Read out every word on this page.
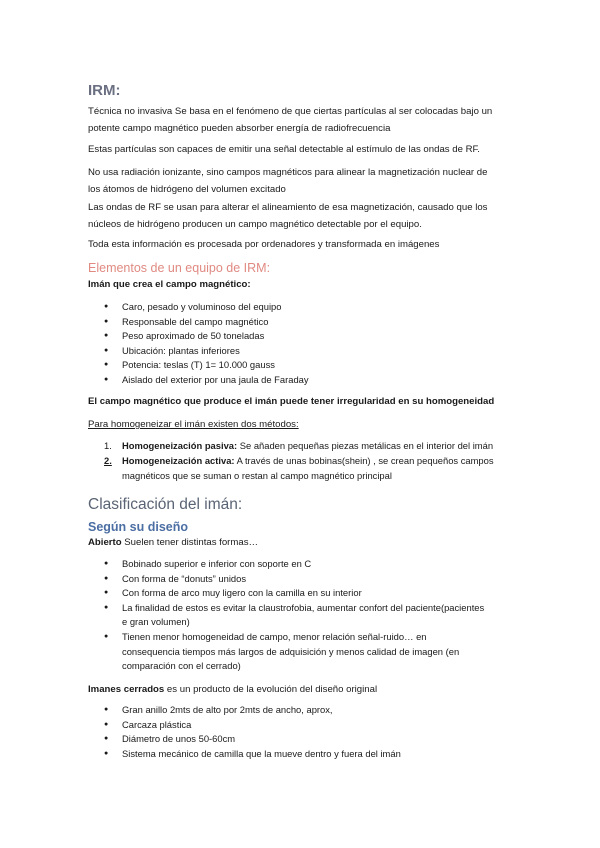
IRM:
Técnica no invasiva Se basa en el fenómeno de que ciertas partículas al ser colocadas bajo un
potente campo magnético pueden absorber energía de radiofrecuencia
Estas partículas son capaces de emitir una señal detectable al estímulo de las ondas de RF.
No usa radiación ionizante, sino campos magnéticos para alinear la magnetización nuclear de
los átomos de hidrógeno del volumen excitado
Las ondas de RF se usan para alterar el alineamiento de esa magnetización, causado que los
núcleos de hidrógeno producen un campo magnético detectable por el equipo.
Toda esta información es procesada por ordenadores y transformada en imágenes
Elementos de un equipo de IRM:
Imán que crea el campo magnético:
● Caro, pesado y voluminoso del equipo
● Responsable del campo magnético
● Peso aproximado de 50 toneladas
● Ubicación: plantas inferiores
● Potencia: teslas (T) 1= 10.000 gauss
● Aislado del exterior por una jaula de Faraday
El campo magnético que produce el imán puede tener irregularidad en su homogeneidad
Para homogeneizar el imán existen dos métodos:
1. Homogeneización pasiva: Se añaden pequeñas piezas metálicas en el interior del imán
2. Homogeneización activa: A través de unas bobinas(shein) , se crean pequeños campos
magnéticos que se suman o restan al campo magnético principal
Clasificación del imán:
Según su diseño
Abierto Suelen tener distintas formas…
● Bobinado superior e inferior con soporte en C
● Con forma de “donuts” unidos
● Con forma de arco muy ligero con la camilla en su interior
● La finalidad de estos es evitar la claustrofobia, aumentar confort del paciente(pacientes
e gran volumen)
● Tienen menor homogeneidad de campo, menor relación señal-ruido… en
consequencia tiempos más largos de adquisición y menos calidad de imagen (en
comparación con el cerrado)
Imanes cerrados es un producto de la evolución del diseño original
● Gran anillo 2mts de alto por 2mts de ancho, aprox,
● Carcaza plástica
● Diámetro de unos 50-60cm
● Sistema mecánico de camilla que la mueve dentro y fuera del imán
